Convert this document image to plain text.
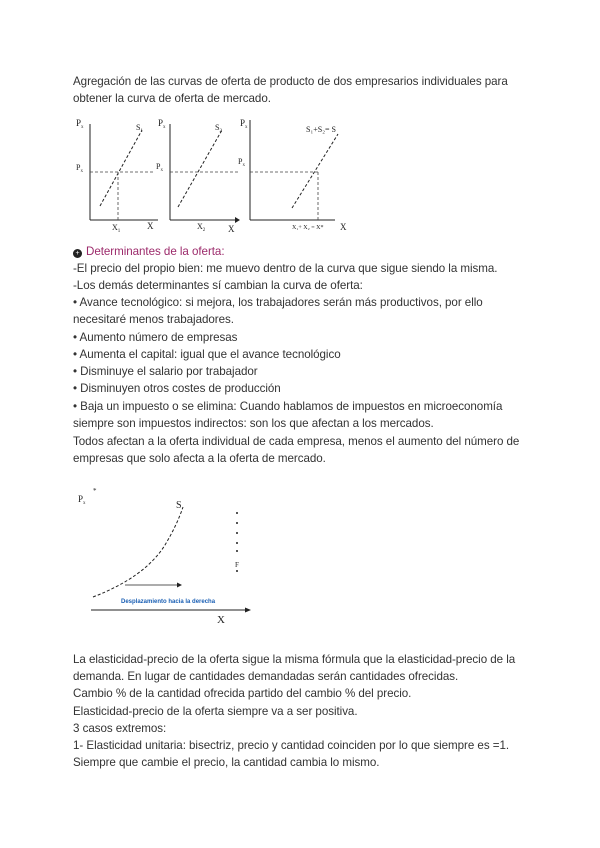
Agregación de las curvas de oferta de producto de dos empresarios individuales para
obtener la curva de oferta de mercado.
$P_x$	$S_1$
$P_x$
$X_1$
X
$P_x$	$S_2$
$P_x$
$X_2$	X
$P_x$	S₁+S₂= S
$P_x$
X₁+ X₂ = X* X
+ Determinantes de la oferta:
-El precio del propio bien: me muevo dentro de la curva que sigue siendo la misma.
-Los demás determinantes sí cambian la curva de oferta:
• Avance tecnológico: si mejora, los trabajadores serán más productivos, por ello
necesitaré menos trabajadores.
• Aumento número de empresas
• Aumenta el capital: igual que el avance tecnológico
• Disminuye el salario por trabajador
• Disminuyen otros costes de producción
• Baja un impuesto o se elimina: Cuando hablamos de impuestos en microeconomía
siempre son impuestos indirectos: son los que afectan a los mercados.
Todos afectan a la oferta individual de cada empresa, menos el aumento del número de
empresas que solo afecta a la oferta de mercado.
$P_x$
*
S
F
Desplazamiento hacia la derecha
X
La elasticidad-precio de la oferta sigue la misma fórmula que la elasticidad-precio de la
demanda. En lugar de cantidades demandadas serán cantidades ofrecidas.
Cambio % de la cantidad ofrecida partido del cambio % del precio.
Elasticidad-precio de la oferta siempre va a ser positiva.
3 casos extremos:
1- Elasticidad unitaria: bisectriz, precio y cantidad coinciden por lo que siempre es =1.
Siempre que cambie el precio, la cantidad cambia lo mismo.
